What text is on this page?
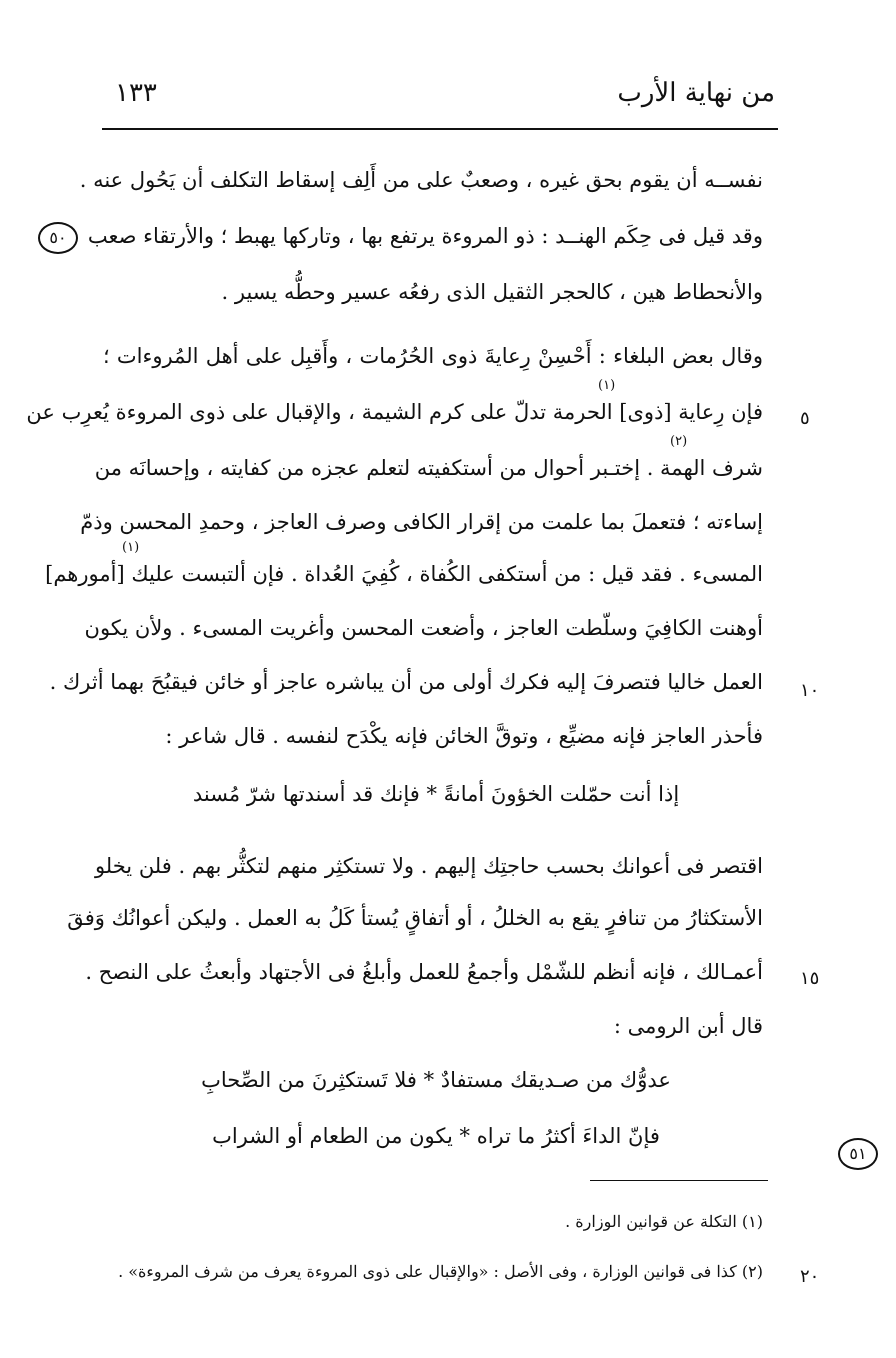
من نهاية الأرب
١٣٣
نفســه أن يقوم بحق غيره ، وصعبٌ على من أَلِف إسقاط التكلف أن يَحُول عنه .
وقد قيل فى حِكَم الهنــد : ذو المروءة يرتفع بها ، وتاركها يهبط ؛ والأرتقاء صعب
والأنحطاط هين ، كالحجر الثقيل الذى رفعُه عسير وحطُّه يسير .
وقال بعض البلغاء : أَحْسِنْ رِعايةَ ذوى الحُرُمات ، وأَقبِل على أهل المُروءات ؛
(١)
فإن رِعاية [ذوى] الحرمة تدلّ على كرم الشيمة ، والإقبال على ذوى المروءة يُعرِب عن
(٢)
شرف الهمة . إختـبر أحوال من أستكفيته لتعلم عجزه من كفايته ، وإحسانَه من
إساءته ؛ فتعملَ بما علمت من إقرار الكافى وصرف العاجز ، وحمدِ المحسن وذمّ
(١)
المسىء . فقد قيل : من أستكفى الكُفاة ، كُفِيَ العُداة . فإن ألتبست عليك [أمورهم]
أوهنت الكافِيَ وسلّطت العاجز ، وأضعت المحسن وأغريت المسىء . ولأن يكون
العمل خاليا فتصرفَ إليه فكرك أولى من أن يباشره عاجز أو خائن فيقبُحَ بهما أثرك .
فأحذر العاجز فإنه مضيِّع ، وتوقَّ الخائن فإنه يكْدَح لنفسه . قال شاعر :
إذا أنت حمّلت الخؤونَ أمانةً * فإنك قد أسندتها شرّ مُسند
اقتصر فى أعوانك بحسب حاجتِك إليهم . ولا تستكثِر منهم لتكثُّر بهم . فلن يخلو
الأستكثارُ من تنافرٍ يقع به الخللُ ، أو أتفاقٍ يُستأ كَلُ به العمل . وليكن أعوانُك وَفقَ
أعمـالك ، فإنه أنظم للشّمْل وأجمعُ للعمل وأبلغُ فى الأجتهاد وأبعثُ على النصح .
قال أبن الرومى :
عدوُّك من صـديقك مستفادٌ * فلا تَستكثِرنَ من الصِّحابِ
فإنّ الداءَ أكثرُ ما تراه * يكون من الطعام أو الشراب
٥
١٠
١٥
٢٠
٥٠
٥١
(١) التكلة عن قوانين الوزارة .
(٢) كذا فى قوانين الوزارة ، وفى الأصل : «والإقبال على ذوى المروءة يعرف من شرف المروءة» .
